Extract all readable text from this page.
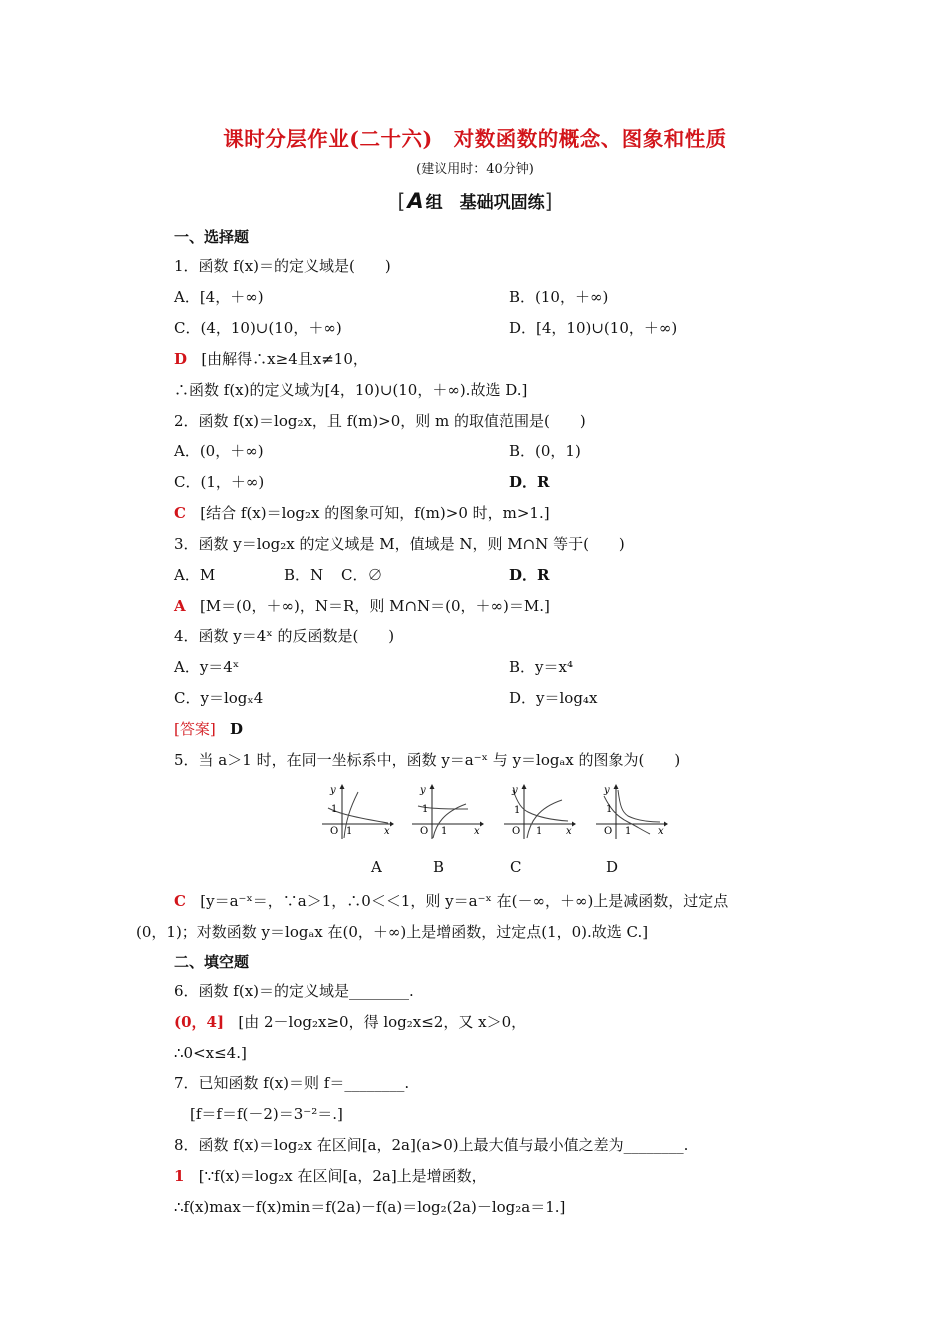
课时分层作业(二十六)　对数函数的概念、图象和性质
(建议用时：40分钟)
[A 组　基础巩固练]
一、选择题
1．函数 f(x)＝的定义域是(　　)
A．[4，＋∞)	B．(10，＋∞)
C．(4，10)∪(10，＋∞)	D．[4，10)∪(10，＋∞)
D [由解得∴x≥4且x≠10，
∴函数 f(x)的定义域为[4，10)∪(10，＋∞).故选 D.]
2．函数 f(x)＝log₂x，且 f(m)>0，则 m 的取值范围是(　　)
A．(0，＋∞)	B．(0，1)
C．(1，＋∞)	D．R
C [结合 f(x)＝log₂x 的图象可知，f(m)>0 时，m>1.]
3．函数 y＝log₂x 的定义域是 M，值域是 N，则 M∩N 等于(　　)
A．M	B．N C．∅	D．R
A [M＝(0，＋∞)，N＝R，则 M∩N＝(0，＋∞)＝M.]
4．函数 y＝4ˣ 的反函数是(　　)
A．y＝4ˣ	B．y＝x⁴
C．y＝logₓ4	D．y＝log₄x
[答案] D
5．当 a＞1 时，在同一坐标系中，函数 y＝a⁻ˣ 与 y＝logₐx 的图象为(　　)
y
1
O 1	x
y
1
O 1	x
y
1
O 1 x
y
1
O 1	x
A	B	C	D
C [y＝a⁻ˣ＝，∵a＞1，∴0＜＜1，则 y＝a⁻ˣ 在(－∞，＋∞)上是减函数，过定点
(0，1)；对数函数 y＝logₐx 在(0，＋∞)上是增函数，过定点(1，0).故选 C.]
二、填空题
6．函数 f(x)＝的定义域是________.
(0，4] [由 2－log₂x≥0，得 log₂x≤2，又 x＞0，
∴0<x≤4.]
7．已知函数 f(x)＝则 f＝________.
[f＝f＝f(－2)＝3⁻²＝.]
8．函数 f(x)＝log₂x 在区间[a，2a](a>0)上最大值与最小值之差为________.
1 [∵f(x)＝log₂x 在区间[a，2a]上是增函数，
∴f(x)max－f(x)min＝f(2a)－f(a)＝log₂(2a)－log₂a＝1.]
